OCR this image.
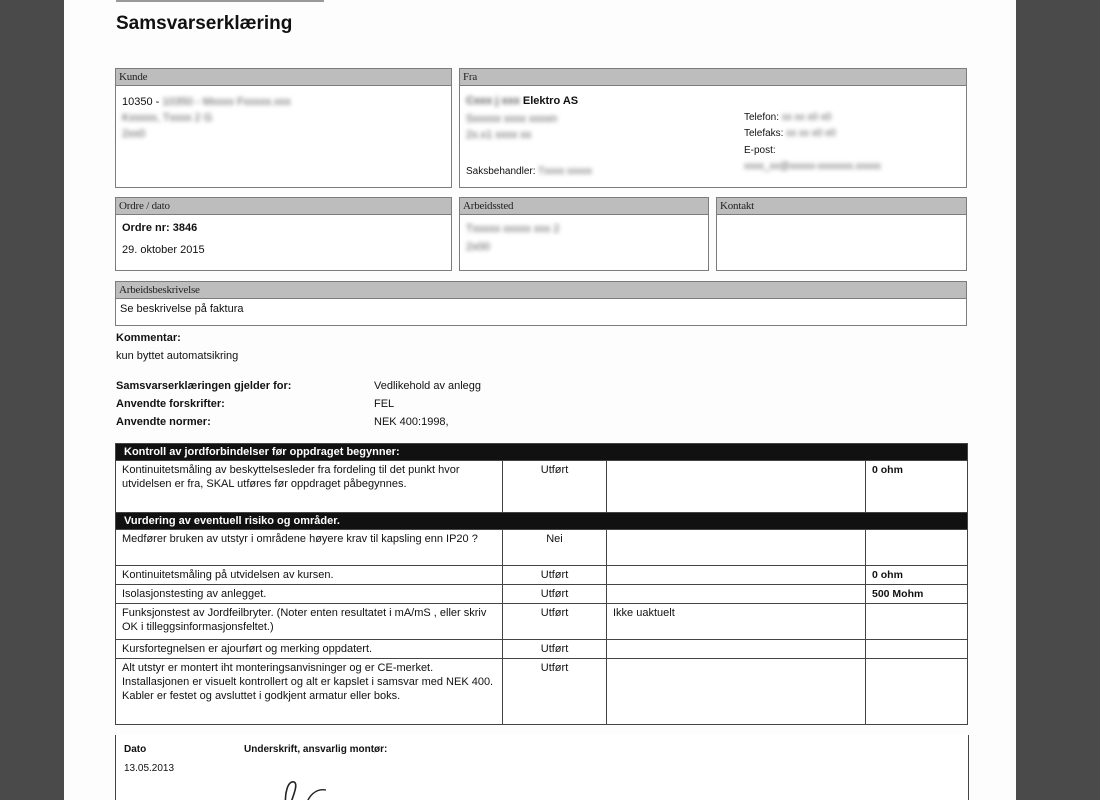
Samsvarserklæring
Kunde
10350 - 10350 - Mxxxx Fxxxxx.xxx
Kxxxxx, Txxxx 2 G
2xx0
Fra
Cxxx j xxx Elektro AS
Sxxxxx xxxx xxxxn
2x.x1 xxxx xx
Saksbehandler: Txxxx xxxxx
Telefon: xx xx x0 x0
Telefaks: xx xx x0 x0
E-post:
xxxx_xx@xxxxx-xxxxxxx.xxxxx
Ordre / dato
Ordre nr: 3846
29. oktober 2015
Arbeidssted
Txxxxx xxxxx xxx 2
2x00
Kontakt
Arbeidsbeskrivelse
Se beskrivelse på faktura
Kommentar:
kun byttet automatsikring
Samsvarserklæringen gjelder for:	Vedlikehold av anlegg
Anvendte forskrifter:	FEL
Anvendte normer:	NEK 400:1998,
Kontroll av jordforbindelser før oppdraget begynner:			
Kontinuitetsmåling av beskyttelsesleder fra fordeling til det punkt hvor utvidelsen er fra, SKAL utføres før oppdraget påbegynnes.	Utført		0 ohm
Vurdering av eventuell risiko og områder.			
Medfører bruken av utstyr i områdene høyere krav til kapsling enn IP20 ?	Nei		
Kontinuitetsmåling på utvidelsen av kursen.	Utført		0 ohm
Isolasjonstesting av anlegget.	Utført		500 Mohm
Funksjonstest av Jordfeilbryter. (Noter enten resultatet i mA/mS , eller skriv OK i tilleggsinformasjonsfeltet.)	Utført	Ikke uaktuelt	
Kursfortegnelsen er ajourført og merking oppdatert.	Utført		
Alt utstyr er montert iht monteringsanvisninger og er CE-merket. Installasjonen er visuelt kontrollert og alt er kapslet i samsvar med NEK 400. Kabler er festet og avsluttet i godkjent armatur eller boks.	Utført		
Dato
13.05.2013
Underskrift, ansvarlig montør:
